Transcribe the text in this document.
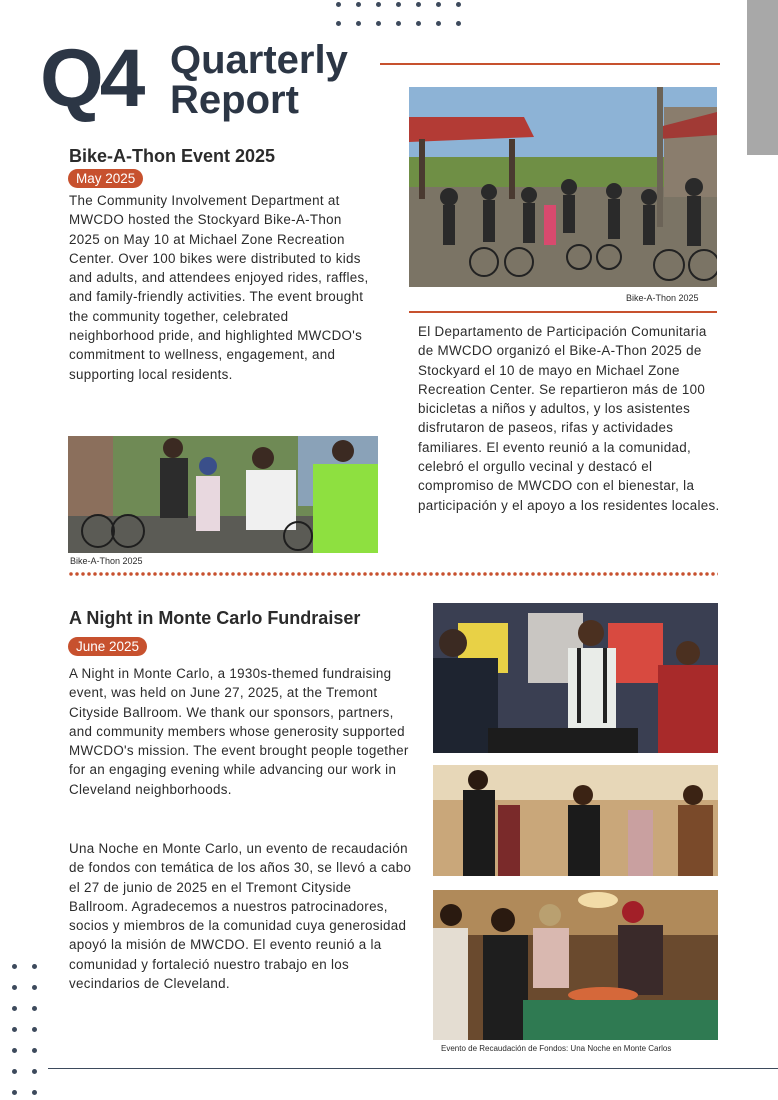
Q4 Quarterly
Report
Bike-A-Thon Event 2025
May 2025
The Community Involvement Department at MWCDO hosted the Stockyard Bike-A-Thon 2025 on May 10 at Michael Zone Recreation Center. Over 100 bikes were distributed to kids and adults, and attendees enjoyed rides, raffles, and family-friendly activities. The event brought the community together, celebrated neighborhood pride, and highlighted MWCDO's commitment to wellness, engagement, and supporting local residents.
Bike-A-Thon 2025
El Departamento de Participación Comunitaria de MWCDO organizó el Bike-A-Thon 2025 de Stockyard el 10 de mayo en Michael Zone Recreation Center. Se repartieron más de 100 bicicletas a niños y adultos, y los asistentes disfrutaron de paseos, rifas y actividades familiares. El evento reunió a la comunidad, celebró el orgullo vecinal y destacó el compromiso de MWCDO con el bienestar, la participación y el apoyo a los residentes locales.
Bike-A-Thon 2025
A Night in Monte Carlo Fundraiser
June 2025
A Night in Monte Carlo, a 1930s-themed fundraising event, was held on June 27, 2025, at the Tremont Cityside Ballroom. We thank our sponsors, partners, and community members whose generosity supported MWCDO's mission. The event brought people together for an engaging evening while advancing our work in Cleveland neighborhoods.
Una Noche en Monte Carlo, un evento de recaudación de fondos con temática de los años 30, se llevó a cabo el 27 de junio de 2025 en el Tremont Cityside Ballroom. Agradecemos a nuestros patrocinadores, socios y miembros de la comunidad cuya generosidad apoyó la misión de MWCDO. El evento reunió a la comunidad y fortaleció nuestro trabajo en los vecindarios de Cleveland.
Evento de Recaudación de Fondos: Una Noche en Monte Carlos
